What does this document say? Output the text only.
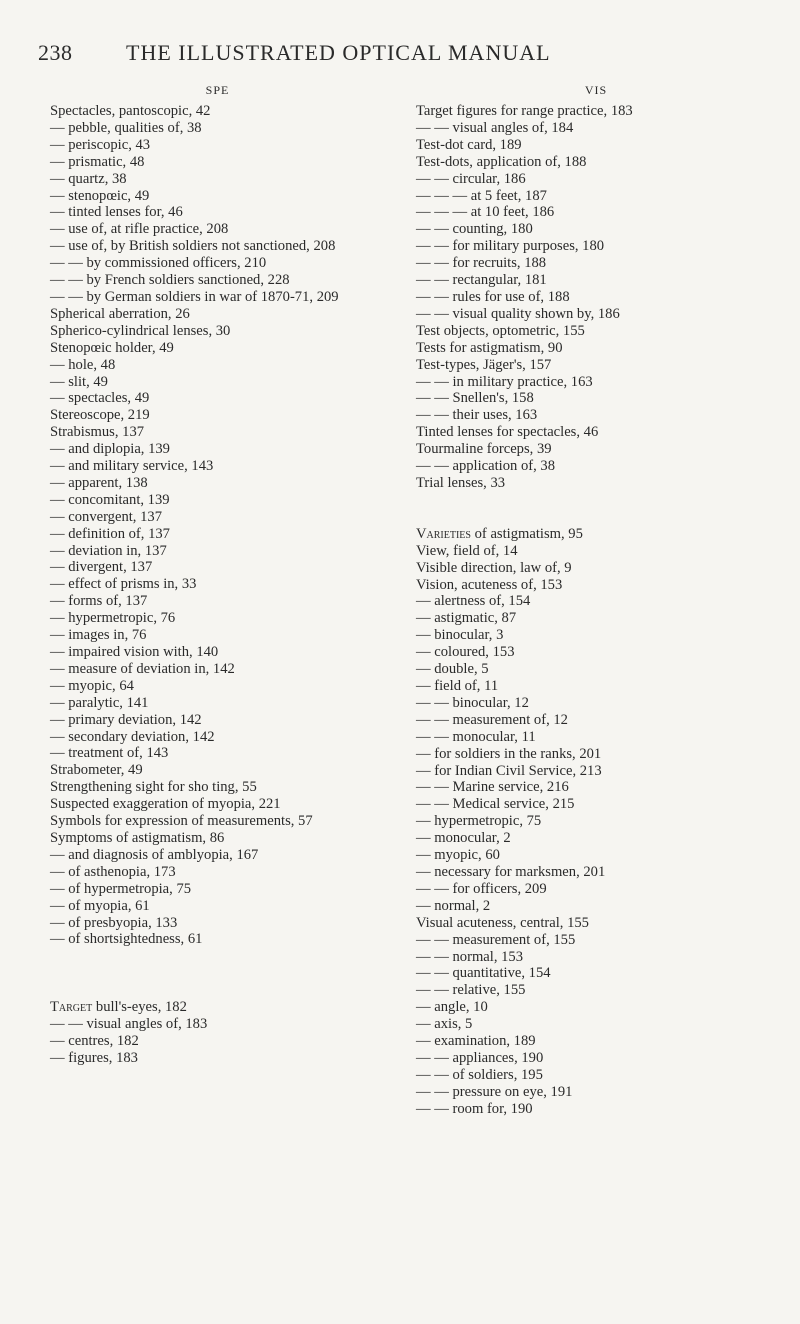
238 THE ILLUSTRATED OPTICAL MANUAL
SPE

Spectacles, pantoscopic, 42

— pebble, qualities of, 38

— periscopic, 43

— prismatic, 48

— quartz, 38

— stenopœic, 49

— tinted lenses for, 46

— use of, at rifle practice, 208

— use of, by British soldiers not sanctioned, 208

— — by commissioned officers, 210

— — by French soldiers sanctioned, 228

— — by German soldiers in war of 1870-71, 209

Spherical aberration, 26

Spherico-cylindrical lenses, 30

Stenopœic holder, 49

— hole, 48

— slit, 49

— spectacles, 49

Stereoscope, 219

Strabismus, 137

— and diplopia, 139

— and military service, 143

— apparent, 138

— concomitant, 139

— convergent, 137

— definition of, 137

— deviation in, 137

— divergent, 137

— effect of prisms in, 33

— forms of, 137

— hypermetropic, 76

— images in, 76

— impaired vision with, 140

— measure of deviation in, 142

— myopic, 64

— paralytic, 141

— primary deviation, 142

— secondary deviation, 142

— treatment of, 143

Strabometer, 49

Strengthening sight for sho ting, 55

Suspected exaggeration of myopia, 221

Symbols for expression of measurements, 57

Symptoms of astigmatism, 86

— and diagnosis of amblyopia, 167

— of asthenopia, 173

— of hypermetropia, 75

— of myopia, 61

— of presbyopia, 133

— of shortsightedness, 61

Target bull's-eyes, 182

— — visual angles of, 183

— centres, 182

— figures, 183

VIS

Target figures for range practice, 183

— — visual angles of, 184

Test-dot card, 189

Test-dots, application of, 188

— — circular, 186

— — — at 5 feet, 187

— — — at 10 feet, 186

— — counting, 180

— — for military purposes, 180

— — for recruits, 188

— — rectangular, 181

— — rules for use of, 188

— — visual quality shown by, 186

Test objects, optometric, 155

Tests for astigmatism, 90

Test-types, Jäger's, 157

— — in military practice, 163

— — Snellen's, 158

— — their uses, 163

Tinted lenses for spectacles, 46

Tourmaline forceps, 39

— — application of, 38

Trial lenses, 33

Varieties of astigmatism, 95

View, field of, 14

Visible direction, law of, 9

Vision, acuteness of, 153

— alertness of, 154

— astigmatic, 87

— binocular, 3

— coloured, 153

— double, 5

— field of, 11

— — binocular, 12

— — measurement of, 12

— — monocular, 11

— for soldiers in the ranks, 201

— for Indian Civil Service, 213

— — Marine service, 216

— — Medical service, 215

— hypermetropic, 75

— monocular, 2

— myopic, 60

— necessary for marksmen, 201

— — for officers, 209

— normal, 2

Visual acuteness, central, 155

— — measurement of, 155

— — normal, 153

— — quantitative, 154

— — relative, 155

— angle, 10

— axis, 5

— examination, 189

— — appliances, 190

— — of soldiers, 195

— — pressure on eye, 191

— — room for, 190
